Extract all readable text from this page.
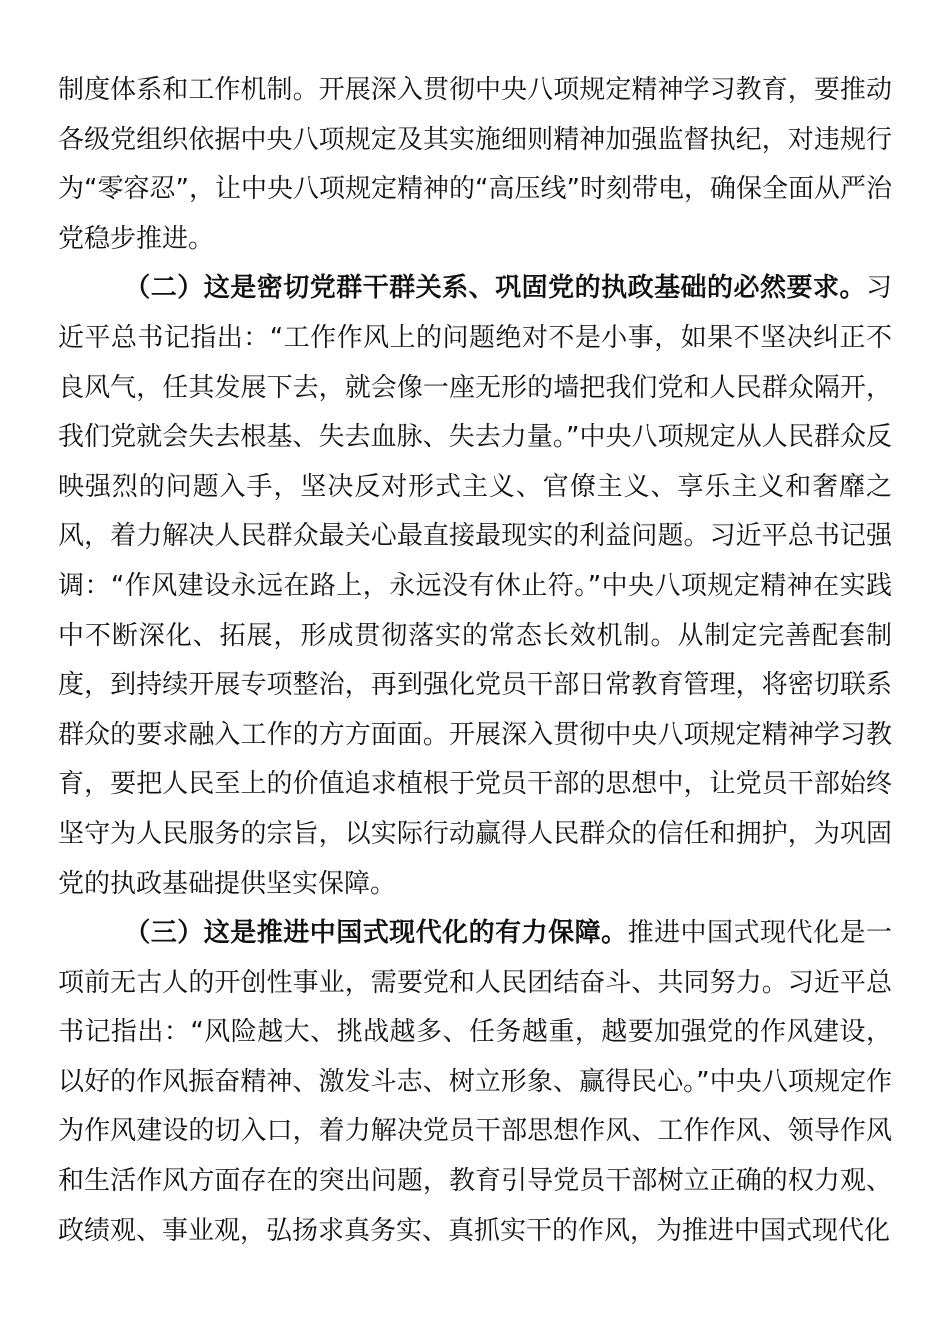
制度体系和工作机制。开展深入贯彻中央八项规定精神学习教育，要推动各级党组织依据中央八项规定及其实施细则精神加强监督执纪，对违规行为“零容忍”，让中央八项规定精神的“高压线”时刻带电，确保全面从严治党稳步推进。

（二）这是密切党群干群关系、巩固党的执政基础的必然要求。习近平总书记指出：“工作作风上的问题绝对不是小事，如果不坚决纠正不良风气，任其发展下去，就会像一座无形的墙把我们党和人民群众隔开，我们党就会失去根基、失去血脉、失去力量。”中央八项规定从人民群众反映强烈的问题入手，坚决反对形式主义、官僚主义、享乐主义和奢靡之风，着力解决人民群众最关心最直接最现实的利益问题。习近平总书记强调：“作风建设永远在路上，永远没有休止符。”中央八项规定精神在实践中不断深化、拓展，形成贯彻落实的常态长效机制。从制定完善配套制度，到持续开展专项整治，再到强化党员干部日常教育管理，将密切联系群众的要求融入工作的方方面面。开展深入贯彻中央八项规定精神学习教育，要把人民至上的价值追求植根于党员干部的思想中，让党员干部始终坚守为人民服务的宗旨，以实际行动赢得人民群众的信任和拥护，为巩固党的执政基础提供坚实保障。

（三）这是推进中国式现代化的有力保障。推进中国式现代化是一项前无古人的开创性事业，需要党和人民团结奋斗、共同努力。习近平总书记指出：“风险越大、挑战越多、任务越重，越要加强党的作风建设，以好的作风振奋精神、激发斗志、树立形象、赢得民心。”中央八项规定作为作风建设的切入口，着力解决党员干部思想作风、工作作风、领导作风和生活作风方面存在的突出问题，教育引导党员干部树立正确的权力观、政绩观、事业观，弘扬求真务实、真抓实干的作风，为推进中国式现代化
